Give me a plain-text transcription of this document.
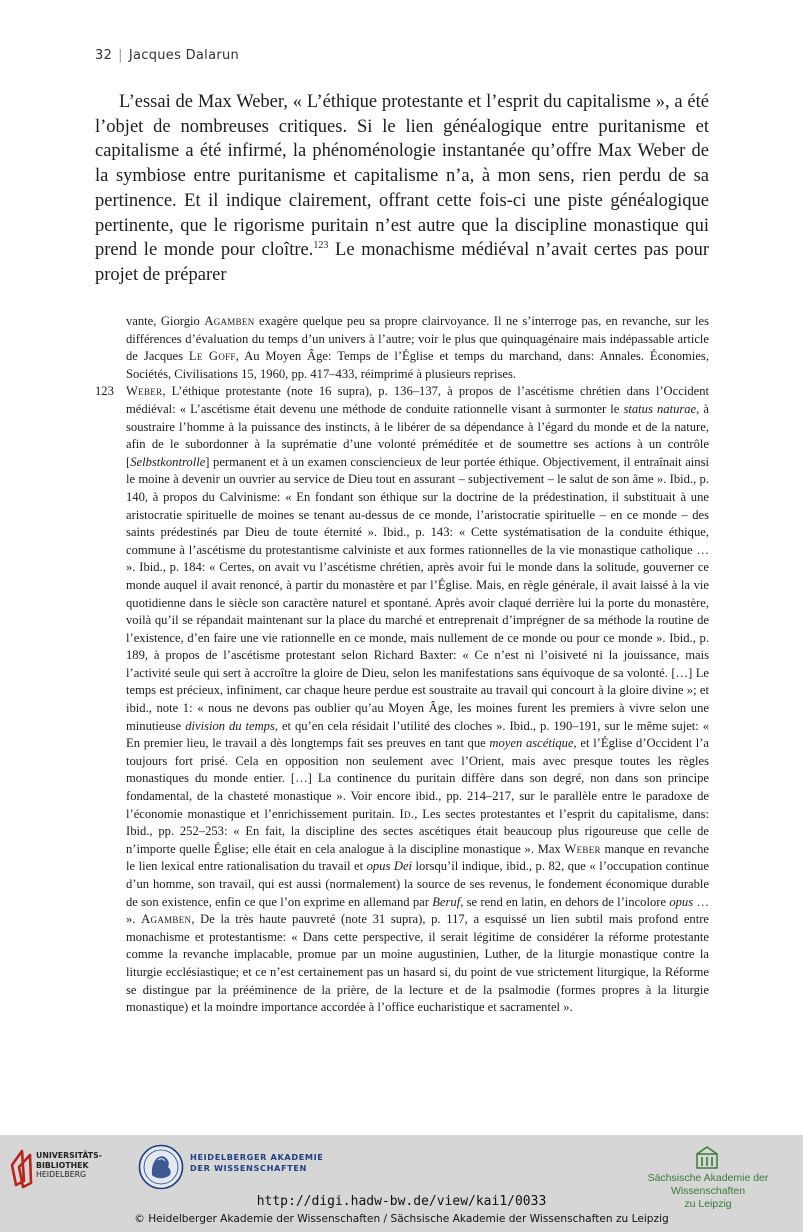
32 | Jacques Dalarun

L’essai de Max Weber, « L’éthique protestante et l’esprit du capitalisme », a été l’objet de nombreuses critiques. Si le lien généalogique entre puritanisme et capitalisme a été infirmé, la phénoménologie instantanée qu’offre Max Weber de la symbiose entre puritanisme et capitalisme n’a, à mon sens, rien perdu de sa pertinence. Et il indique clairement, offrant cette fois-ci une piste généalogique pertinente, que le rigorisme puritain n’est autre que la discipline monastique qui prend le monde pour cloître.$^{123}$ Le monachisme médiéval n’avait certes pas pour projet de préparer

vante, Giorgio Agamben exagère quelque peu sa propre clairvoyance. Il ne s’interroge pas, en revanche, sur les différences d’évaluation du temps d’un univers à l’autre; voir le plus que quinquagénaire mais indépassable article de Jacques Le Goff, Au Moyen Âge: Temps de l’Église et temps du marchand, dans: Annales. Économies, Sociétés, Civilisations 15, 1960, pp. 417–433, réimprimé à plusieurs reprises.

123 Weber, L’éthique protestante (note 16 supra), p. 136–137, à propos de l’ascétisme chrétien dans l’Occident médiéval: « L’ascétisme était devenu une méthode de conduite rationnelle visant à surmonter le status naturae, à soustraire l’homme à la puissance des instincts, à le libérer de sa dépendance à l’égard du monde et de la nature, afin de le subordonner à la suprématie d’une volonté préméditée et de soumettre ses actions à un contrôle [Selbstkontrolle] permanent et à un examen consciencieux de leur portée éthique. Objectivement, il entraînait ainsi le moine à devenir un ouvrier au service de Dieu tout en assurant – subjectivement – le salut de son âme ». Ibid., p. 140, à propos du Calvinisme: « En fondant son éthique sur la doctrine de la prédestination, il substituait à une aristocratie spirituelle de moines se tenant au-dessus de ce monde, l’aristocratie spirituelle – en ce monde – des saints prédestinés par Dieu de toute éternité ». Ibid., p. 143: « Cette systématisation de la conduite éthique, commune à l’ascétisme du protestantisme calviniste et aux formes rationnelles de la vie monastique catholique … ». Ibid., p. 184: « Certes, on avait vu l’ascétisme chrétien, après avoir fui le monde dans la solitude, gouverner ce monde auquel il avait renoncé, à partir du monastère et par l’Église. Mais, en règle générale, il avait laissé à la vie quotidienne dans le siècle son caractère naturel et spontané. Après avoir claqué derrière lui la porte du monastère, voilà qu’il se répandait maintenant sur la place du marché et entreprenait d’imprégner de sa méthode la routine de l’existence, d’en faire une vie rationnelle en ce monde, mais nullement de ce monde ou pour ce monde ». Ibid., p. 189, à propos de l’ascétisme protestant selon Richard Baxter: « Ce n’est ni l’oisiveté ni la jouissance, mais l’activité seule qui sert à accroître la gloire de Dieu, selon les manifestations sans équivoque de sa volonté. […] Le temps est précieux, infiniment, car chaque heure perdue est soustraite au travail qui concourt à la gloire divine »; et ibid., note 1: « nous ne devons pas oublier qu’au Moyen Âge, les moines furent les premiers à vivre selon une minutieuse division du temps, et qu’en cela résidait l’utilité des cloches ». Ibid., p. 190–191, sur le même sujet: « En premier lieu, le travail a dès longtemps fait ses preuves en tant que moyen ascétique, et l’Église d’Occident l’a toujours fort prisé. Cela en opposition non seulement avec l’Orient, mais avec presque toutes les règles monastiques du monde entier. […] La continence du puritain diffère dans son degré, non dans son principe fondamental, de la chasteté monastique ». Voir encore ibid., pp. 214–217, sur le parallèle entre le paradoxe de l’économie monastique et l’enrichissement puritain. Id., Les sectes protestantes et l’esprit du capitalisme, dans: Ibid., pp. 252–253: « En fait, la discipline des sectes ascétiques était beaucoup plus rigoureuse que celle de n’importe quelle Église; elle était en cela analogue à la discipline monastique ». Max Weber manque en revanche le lien lexical entre rationalisation du travail et opus Dei lorsqu’il indique, ibid., p. 82, que « l’occupation continue d’un homme, son travail, qui est aussi (normalement) la source de ses revenus, le fondement économique durable de son existence, enfin ce que l’on exprime en allemand par Beruf, se rend en latin, en dehors de l’incolore opus … ». Agamben, De la très haute pauvreté (note 31 supra), p. 117, a esquissé un lien subtil mais profond entre monachisme et protestantisme: « Dans cette perspective, il serait légitime de considérer la réforme protestante comme la revanche implacable, promue par un moine augustinien, Luther, de la liturgie monastique contre la liturgie ecclésiastique; et ce n’est certainement pas un hasard si, du point de vue strictement liturgique, la Réforme se distingue par la prééminence de la prière, de la lecture et de la psalmodie (formes propres à la liturgie monastique) et la moindre importance accordée à l’office eucharistique et sacramentel ».

UNIVERSITÄTS-
BIBLIOTHEK
HEIDELBERG
HEIDELBERGER AKADEMIE
DER WISSENSCHAFTEN
Sächsische Akademie der Wissenschaften
zu Leipzig
http://digi.hadw-bw.de/view/kai1/0033
© Heidelberger Akademie der Wissenschaften / Sächsische Akademie der Wissenschaften zu Leipzig
